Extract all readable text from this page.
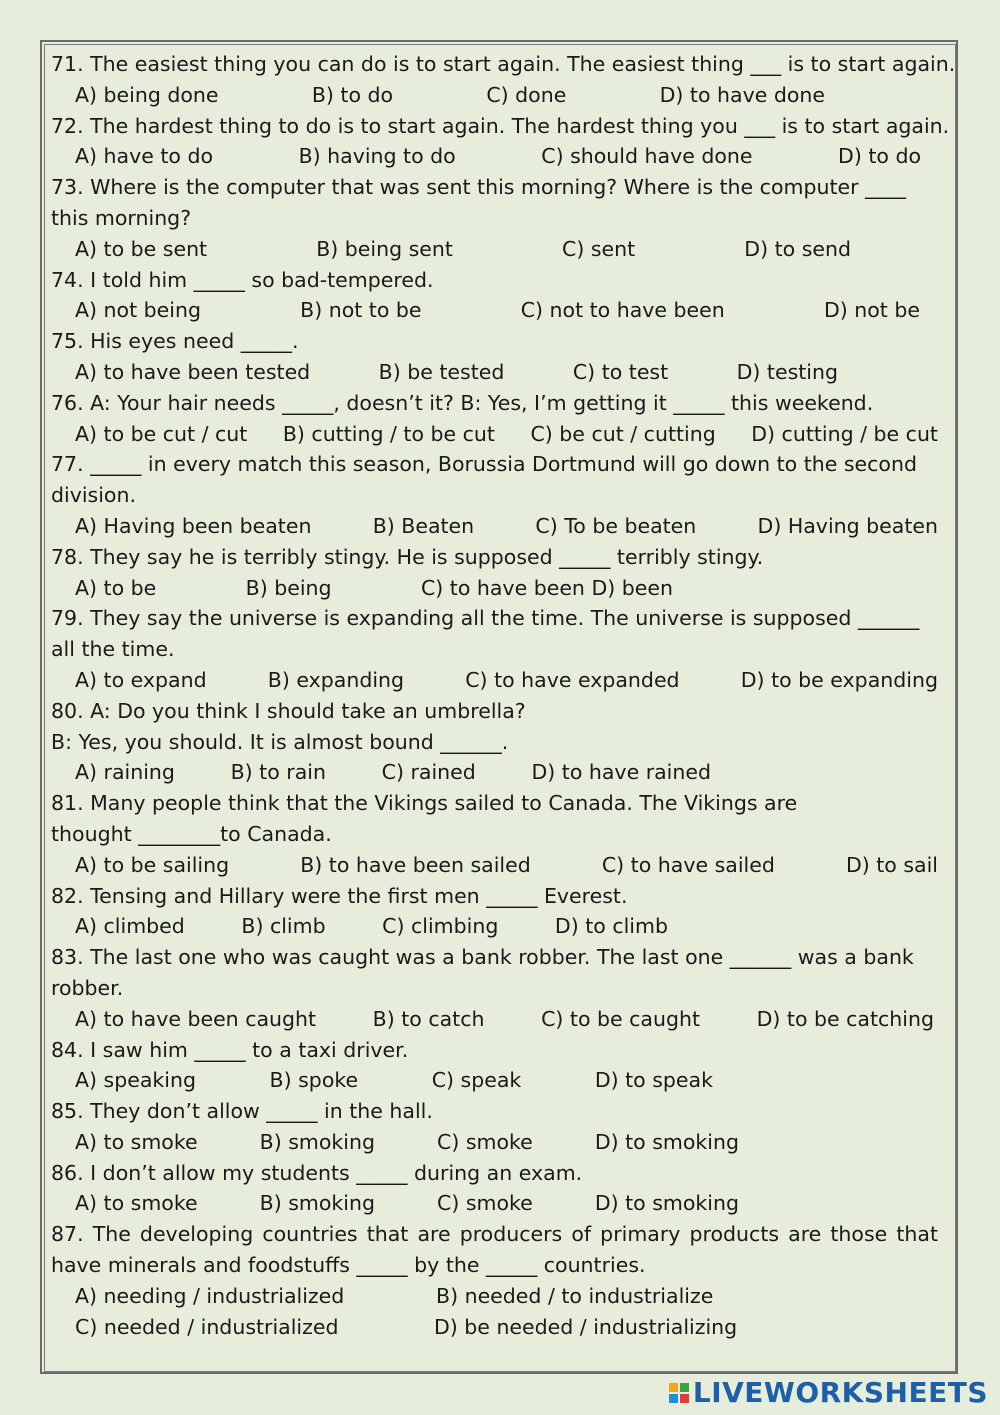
71. The easiest thing you can do is to start again. The easiest thing ___ is to start again.
A) being done	B) to do	C) done	D) to have done
72. The hardest thing to do is to start again. The hardest thing you ___ is to start again.
A) have to do	B) having to do	C) should have done	D) to do
73. Where is the computer that was sent this morning? Where is the computer ____ this morning?
A) to be sent	B) being sent	C) sent	D) to send
74. I told him _____ so bad-tempered.
A) not being	B) not to be	C) not to have been	D) not be
75. His eyes need _____.
A) to have been tested	B) be tested	C) to test	D) testing
76. A: Your hair needs _____, doesn’t it? B: Yes, I’m getting it _____ this weekend.
A) to be cut / cut B) cutting / to be cut C) be cut / cutting D) cutting / be cut
77. _____ in every match this season, Borussia Dortmund will go down to the second division.
A) Having been beaten	B) Beaten	C) To be beaten	D) Having beaten
78. They say he is terribly stingy. He is supposed _____ terribly stingy.
A) to be	B) being	C) to have been D) been
79. They say the universe is expanding all the time. The universe is supposed ______ all the time.
A) to expand	B) expanding	C) to have expanded	D) to be expanding
80. A: Do you think I should take an umbrella?
B: Yes, you should. It is almost bound ______.
A) raining	B) to rain	C) rained	D) to have rained
81. Many people think that the Vikings sailed to Canada. The Vikings are thought ________to Canada.
A) to be sailing	B) to have been sailed	C) to have sailed	D) to sail
82. Tensing and Hillary were the first men _____ Everest.
A) climbed	B) climb	C) climbing	D) to climb
83. The last one who was caught was a bank robber. The last one ______ was a bank robber.
A) to have been caught	B) to catch	C) to be caught	D) to be catching
84. I saw him _____ to a taxi driver.
A) speaking	B) spoke	C) speak	D) to speak
85. They don’t allow _____ in the hall.
A) to smoke	B) smoking	C) smoke	D) to smoking
86. I don’t allow my students _____ during an exam.
A) to smoke	B) smoking	C) smoke	D) to smoking
87. The developing countries that are producers of primary products are those that have minerals and foodstuffs _____ by the _____ countries.
A) needing / industrialized	B) needed / to industrialize
C) needed / industrialized	D) be needed / industrializing
LIVEWORKSHEETS
